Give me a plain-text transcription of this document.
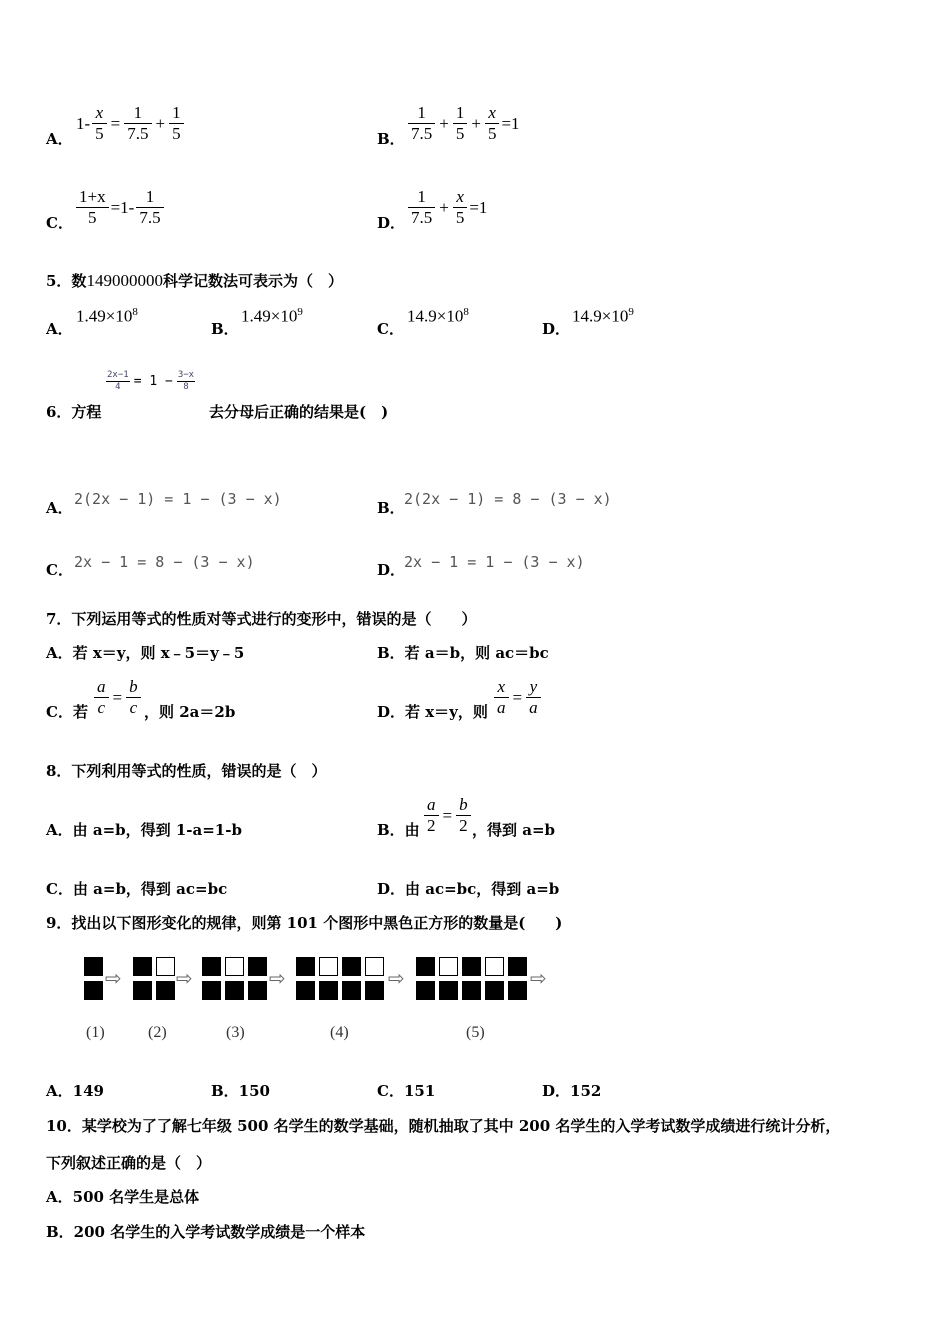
A．
$1- \frac{x}{5} = \frac{1}{7.5} + \frac{1}{5}$	B． $\frac{1}{7.5} + \frac{1}{5} + \frac{x}{5} =1$
C． $\frac{1+x}{5} =1- \frac{1}{7.5}$	D． $\frac{1}{7.5} + \frac{x}{5} =1$
5．数149000000科学记数法可表示为（　）
A．
$1.49\times 10^8$
B．
$1.49\times 10^9$
C．
$14.9\times 10^8$
D．
$14.9\times 10^9$
$\frac{2x-1}{4} = 1 - \frac{3-x}{8}$
6．方程	去分母后正确的结果是(　)
A． 2(2x − 1) = 1 − (3 − x)	B． 2(2x − 1) = 8 − (3 − x)
C． 2x − 1 = 8 − (3 − x)	D．
2x − 1 = 1 − (3 − x)
7．下列运用等式的性质对等式进行的变形中，错误的是（　　）
A．若 x＝y，则 x﹣5＝y﹣5	B．若 a＝b，则 ac＝bc
C．若 $\frac{a}{c} = \frac{b}{c}$ ，则 2a＝2b	D．若 x＝y，则 $\frac{x}{a} = \frac{y}{a}$
8．下列利用等式的性质，错误的是（　）
A．由 a=b，得到 1-a=1-b	B．由 $\frac{a}{2} = \frac{b}{2}$ ，得到 a=b
C．由 a=b，得到 ac=bc	D．由 ac=bc，得到 a=b
9．找出以下图形变化的规律，则第 101 个图形中黑色正方形的数量是(　　)
⇨	⇨	⇨	⇨	⇨
(1)	(2)	(3)	(4)	(5)
A．149	B．150	C．151	D．152
10．某学校为了了解七年级 500 名学生的数学基础，随机抽取了其中 200 名学生的入学考试数学成绩进行统计分析，
下列叙述正确的是（　）
A．500 名学生是总体
B．200 名学生的入学考试数学成绩是一个样本
